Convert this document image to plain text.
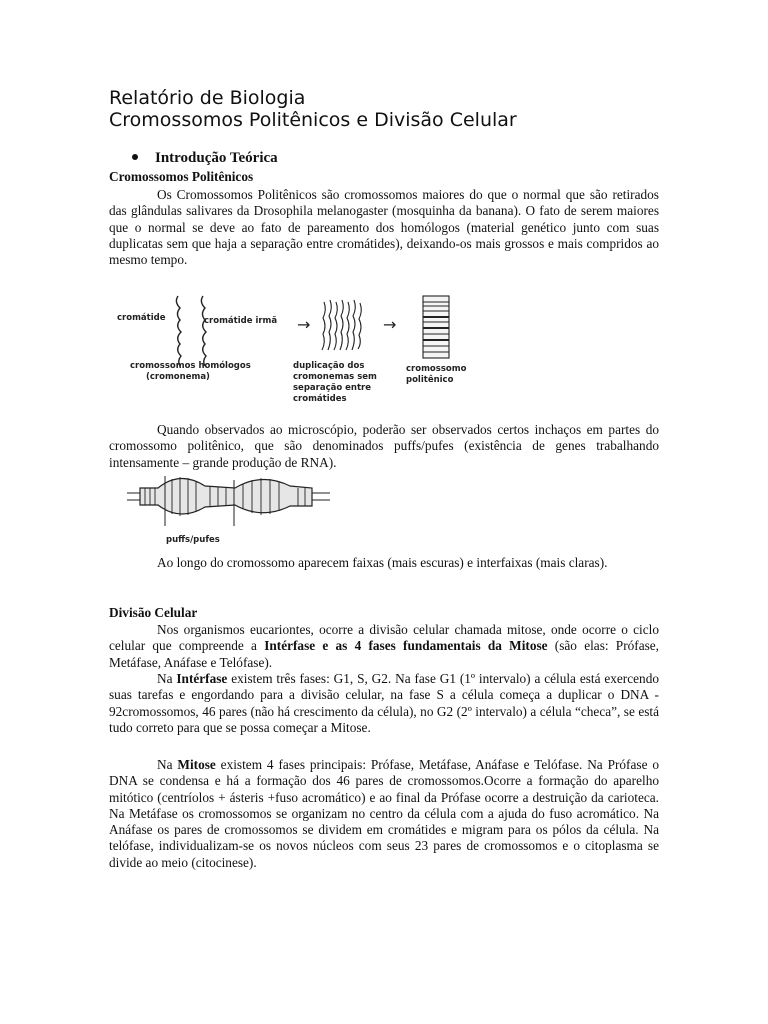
Relatório de Biologia
Cromossomos Politênicos e Divisão Celular
Introdução Teórica
Cromossomos Politênicos
Os Cromossomos Politênicos são cromossomos maiores do que o normal que são retirados das glândulas salivares da Drosophila melanogaster (mosquinha da banana). O fato de serem maiores que o normal se deve ao fato de pareamento dos homólogos (material genético junto com suas duplicatas sem que haja a separação entre cromátides), deixando-os mais grossos e mais compridos ao mesmo tempo.
cromátide	cromátide irmã
cromossomos homólogos
(cromonema)
→
duplicação dos
cromonemas sem
separação entre
cromátides
→
cromossomo
politênico
puffs/pufes
Quando observados ao microscópio, poderão ser observados certos inchaços em partes do cromossomo politênico, que são denominados puffs/pufes (existência de genes trabalhando intensamente – grande produção de RNA).
Ao longo do cromossomo aparecem faixas (mais escuras) e interfaixas (mais claras).
Divisão Celular
Nos organismos eucariontes, ocorre a divisão celular chamada mitose, onde ocorre o ciclo celular que compreende a Intérfase e as 4 fases fundamentais da Mitose (são elas: Prófase, Metáfase, Anáfase e Telófase).
Na Intérfase existem três fases: G1, S, G2. Na fase G1 (1º intervalo) a célula está exercendo suas tarefas e engordando para a divisão celular, na fase S a célula começa a duplicar o DNA - 92cromossomos, 46 pares (não há crescimento da célula), no G2 (2º intervalo) a célula “checa”, se está tudo correto para que se possa começar a Mitose.
Na Mitose existem 4 fases principais: Prófase, Metáfase, Anáfase e Telófase. Na Prófase o DNA se condensa e há a formação dos 46 pares de cromossomos.Ocorre a formação do aparelho mitótico (centríolos + ásteris +fuso acromático) e ao final da Prófase ocorre a destruição da carioteca. Na Metáfase os cromossomos se organizam no centro da célula com a ajuda do fuso acromático. Na Anáfase os pares de cromossomos se dividem em cromátides e migram para os pólos da célula. Na telófase, individualizam-se os novos núcleos com seus 23 pares de cromossomos e o citoplasma se divide ao meio (citocinese).
